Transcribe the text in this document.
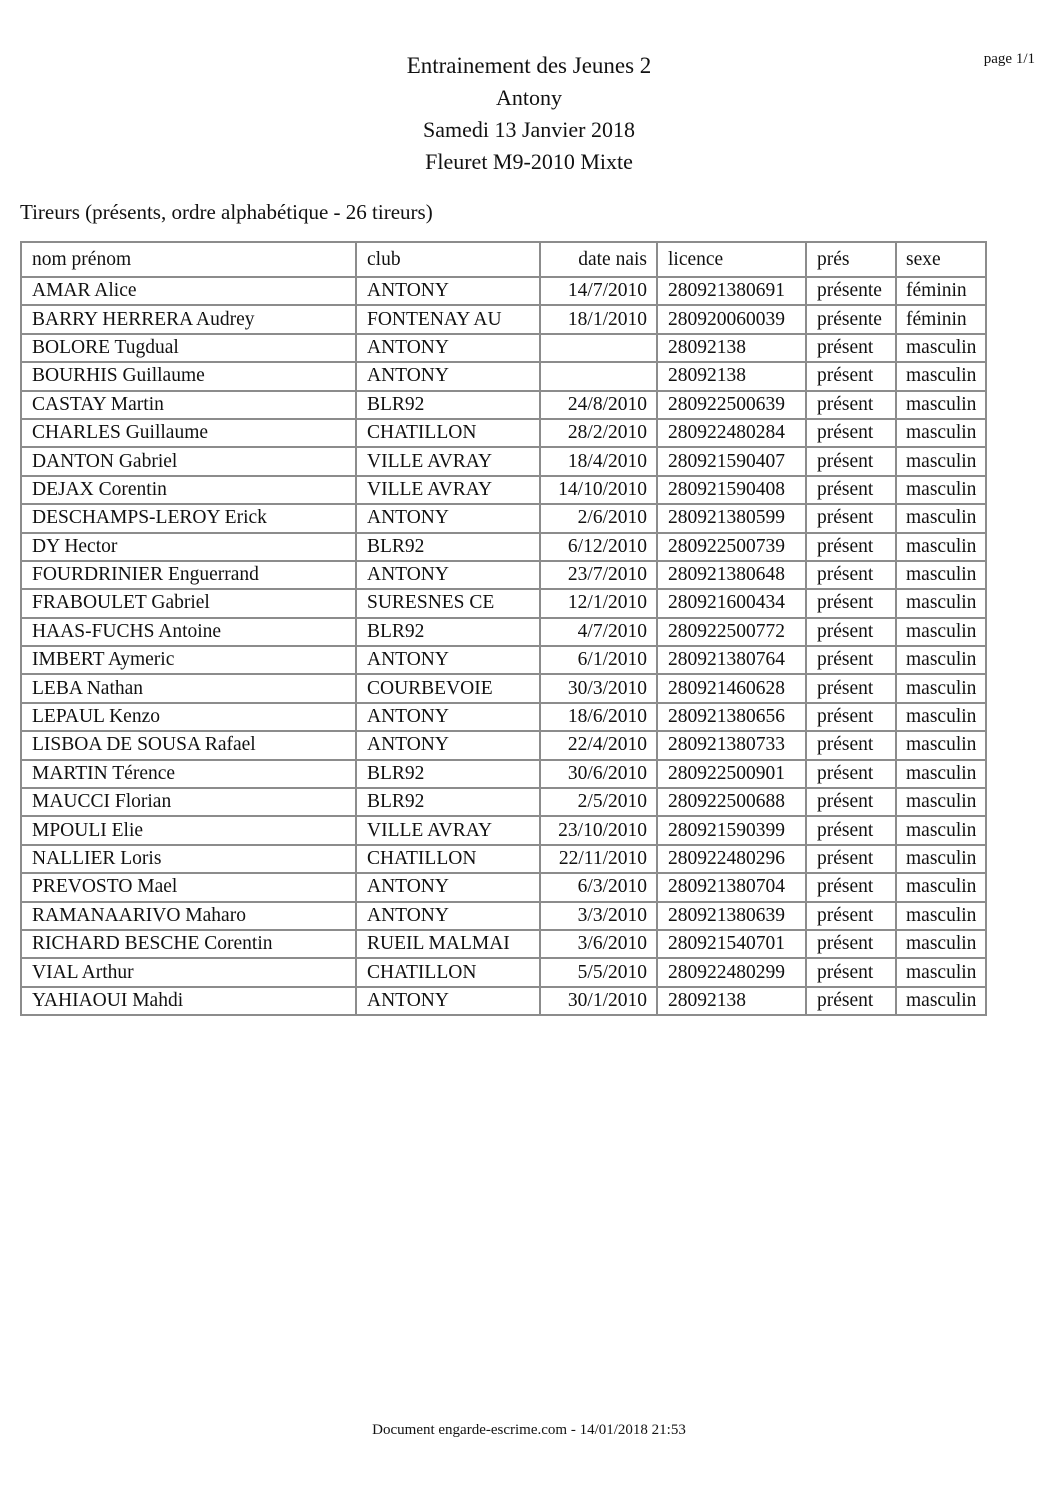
Entrainement des Jeunes 2
Antony
Samedi 13 Janvier 2018
Fleuret M9-2010 Mixte
page 1/1
Tireurs (présents, ordre alphabétique - 26 tireurs)
nom prénom	club	date nais	licence	prés	sexe
AMAR Alice	ANTONY	14/7/2010	280921380691	présente	féminin
BARRY HERRERA Audrey	FONTENAY AU	18/1/2010	280920060039	présente	féminin
BOLORE Tugdual	ANTONY		28092138	présent	masculin
BOURHIS Guillaume	ANTONY		28092138	présent	masculin
CASTAY Martin	BLR92	24/8/2010	280922500639	présent	masculin
CHARLES Guillaume	CHATILLON	28/2/2010	280922480284	présent	masculin
DANTON Gabriel	VILLE AVRAY	18/4/2010	280921590407	présent	masculin
DEJAX Corentin	VILLE AVRAY	14/10/2010	280921590408	présent	masculin
DESCHAMPS-LEROY Erick	ANTONY	2/6/2010	280921380599	présent	masculin
DY Hector	BLR92	6/12/2010	280922500739	présent	masculin
FOURDRINIER Enguerrand	ANTONY	23/7/2010	280921380648	présent	masculin
FRABOULET Gabriel	SURESNES CE	12/1/2010	280921600434	présent	masculin
HAAS-FUCHS Antoine	BLR92	4/7/2010	280922500772	présent	masculin
IMBERT Aymeric	ANTONY	6/1/2010	280921380764	présent	masculin
LEBA Nathan	COURBEVOIE	30/3/2010	280921460628	présent	masculin
LEPAUL Kenzo	ANTONY	18/6/2010	280921380656	présent	masculin
LISBOA DE SOUSA Rafael	ANTONY	22/4/2010	280921380733	présent	masculin
MARTIN Térence	BLR92	30/6/2010	280922500901	présent	masculin
MAUCCI Florian	BLR92	2/5/2010	280922500688	présent	masculin
MPOULI Elie	VILLE AVRAY	23/10/2010	280921590399	présent	masculin
NALLIER Loris	CHATILLON	22/11/2010	280922480296	présent	masculin
PREVOSTO Mael	ANTONY	6/3/2010	280921380704	présent	masculin
RAMANAARIVO Maharo	ANTONY	3/3/2010	280921380639	présent	masculin
RICHARD BESCHE Corentin	RUEIL MALMAI	3/6/2010	280921540701	présent	masculin
VIAL Arthur	CHATILLON	5/5/2010	280922480299	présent	masculin
YAHIAOUI Mahdi	ANTONY	30/1/2010	28092138	présent	masculin
Document engarde-escrime.com - 14/01/2018 21:53
